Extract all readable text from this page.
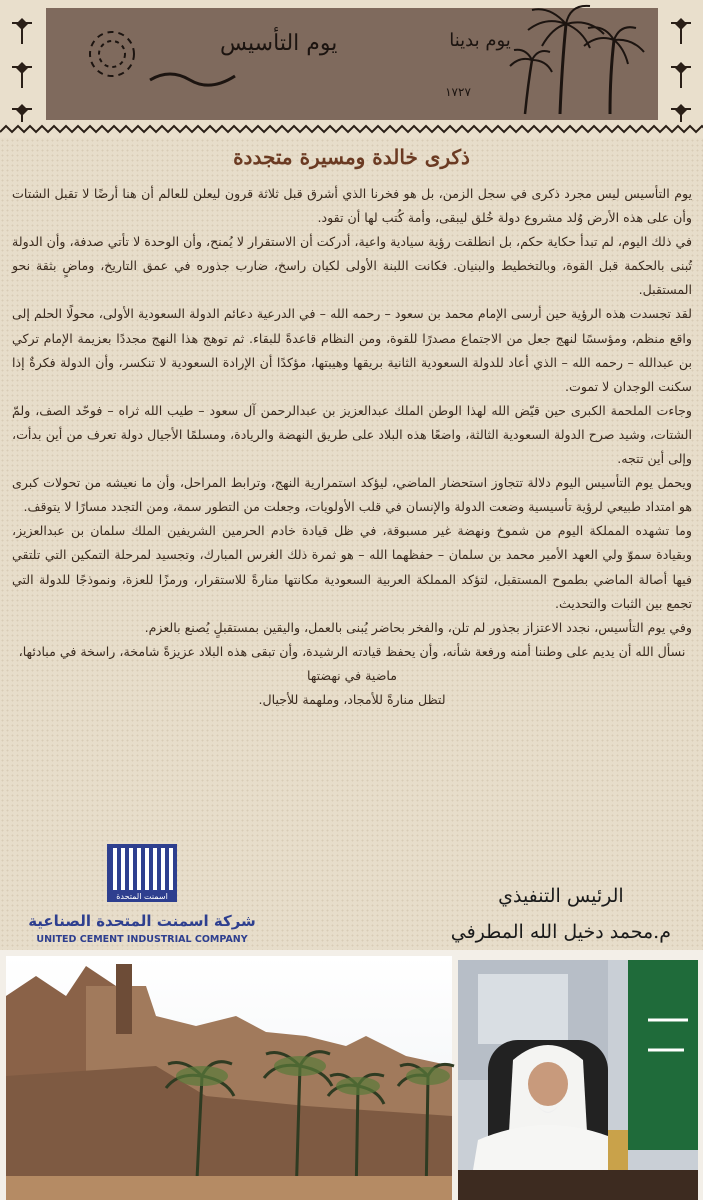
يوم التأسيس	يوم بدينا
١٧٢٧
ذكرى خالدة ومسيرة متجددة

يوم التأسيس ليس مجرد ذكرى في سجل الزمن، بل هو فخرنا الذي أشرق قبل ثلاثة قرون ليعلن للعالم أن هنا أرضًا لا تقبل الشتات وأن على هذه الأرض وُلد مشروع دولة خُلق ليبقى، وأمة كُتب لها أن تقود.

في ذلك اليوم، لم تبدأ حكاية حكم، بل انطلقت رؤية سيادية واعية، أدركت أن الاستقرار لا يُمنح، وأن الوحدة لا تأتي صدفة، وأن الدولة تُبنى بالحكمة قبل القوة، وبالتخطيط والبنيان. فكانت اللبنة الأولى لكيان راسخ، ضارب جذوره في عمق التاريخ، وماضٍ بثقة نحو المستقبل.

لقد تجسدت هذه الرؤية حين أرسى الإمام محمد بن سعود – رحمه الله – في الدرعية دعائم الدولة السعودية الأولى، محولًا الحلم إلى واقع منظم، ومؤسسًا لنهج جعل من الاجتماع مصدرًا للقوة، ومن النظام قاعدةً للبقاء. ثم توهج هذا النهج مجددًا بعزيمة الإمام تركي بن عبدالله – رحمه الله – الذي أعاد للدولة السعودية الثانية بريقها وهيبتها، مؤكدًا أن الإرادة السعودية لا تنكسر، وأن الدولة فكرةٌ إذا سكنت الوجدان لا تموت.

وجاءت الملحمة الكبرى حين قيّض الله لهذا الوطن الملك عبدالعزيز بن عبدالرحمن آل سعود – طيب الله ثراه – فوحّد الصف، ولمّ الشتات، وشيد صرح الدولة السعودية الثالثة، واضعًا هذه البلاد على طريق النهضة والريادة، ومسلمًا الأجيال دولة تعرف من أين بدأت، وإلى أين تتجه.

ويحمل يوم التأسيس اليوم دلالة تتجاوز استحضار الماضي، ليؤكد استمرارية النهج، وترابط المراحل، وأن ما نعيشه من تحولات كبرى هو امتداد طبيعي لرؤية تأسيسية وضعت الدولة والإنسان في قلب الأولويات، وجعلت من التطور سمة، ومن التجدد مسارًا لا يتوقف.

وما تشهده المملكة اليوم من شموخ ونهضة غير مسبوقة، في ظل قيادة خادم الحرمين الشريفين الملك سلمان بن عبدالعزيز، وبقيادة سموّ ولي العهد الأمير محمد بن سلمان – حفظهما الله – هو ثمرة ذلك الغرس المبارك، وتجسيد لمرحلة التمكين التي تلتقي فيها أصالة الماضي بطموح المستقبل، لتؤكد المملكة العربية السعودية مكانتها منارةً للاستقرار، ورمزًا للعزة، ونموذجًا للدولة التي تجمع بين الثبات والتحديث.

وفي يوم التأسيس، نجدد الاعتزاز بجذور لم تلن، والفخر بحاضر يُبنى بالعمل، واليقين بمستقبلٍ يُصنع بالعزم.

نسأل الله أن يديم على وطننا أمنه ورفعة شأنه، وأن يحفظ قيادته الرشيدة، وأن تبقى هذه البلاد عزيزةً شامخة، راسخة في مبادئها، ماضية في نهضتها

لتظل منارةً للأمجاد، وملهمة للأجيال.

اسمنت المتحدة
شركة اسمنت المتحدة الصناعية
UNITED CEMENT INDUSTRIAL COMPANY
الرئيس التنفيذي
م.محمد دخيل الله المطرفي
